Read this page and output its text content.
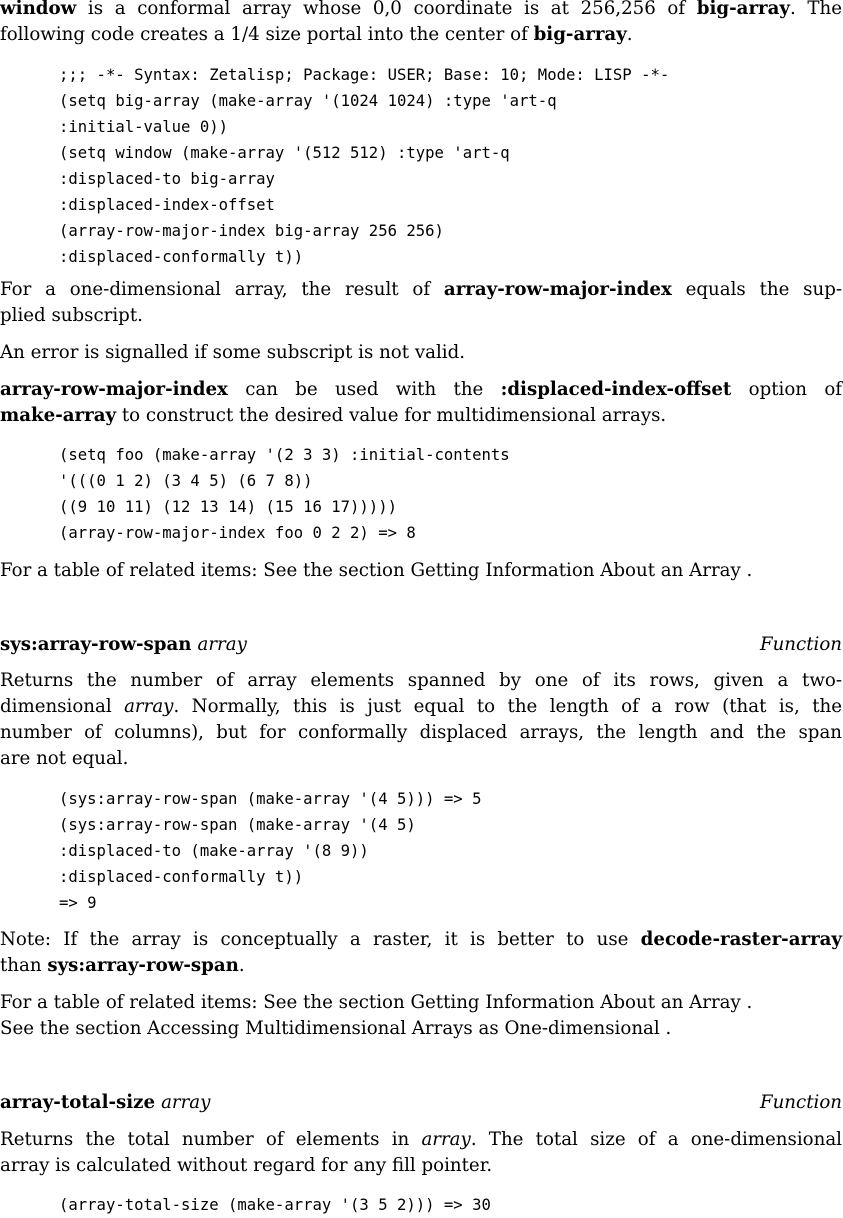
window is a conformal array whose 0,0 coordinate is at 256,256 of big-array. The
following code creates a 1/4 size portal into the center of big-array.

;;; -*- Syntax: Zetalisp; Package: USER; Base: 10; Mode: LISP -*-
(setq big-array (make-array '(1024 1024) :type 'art-q
:initial-value 0))
(setq window (make-array '(512 512) :type 'art-q
:displaced-to big-array
:displaced-index-offset
(array-row-major-index big-array 256 256)
:displaced-conformally t))

For a one-dimensional array, the result of array-row-major-index equals the sup-
plied subscript.

An error is signalled if some subscript is not valid.

array-row-major-index can be used with the :displaced-index-offset option of
make-array to construct the desired value for multidimensional arrays.

(setq foo (make-array '(2 3 3) :initial-contents
'(((0 1 2) (3 4 5) (6 7 8))
((9 10 11) (12 13 14) (15 16 17)))))
(array-row-major-index foo 0 2 2) => 8

For a table of related items: See the section Getting Information About an Array .

sys:array-row-span array	Function

Returns the number of array elements spanned by one of its rows, given a two-
dimensional array. Normally, this is just equal to the length of a row (that is, the
number of columns), but for conformally displaced arrays, the length and the span
are not equal.

(sys:array-row-span (make-array '(4 5))) => 5
(sys:array-row-span (make-array '(4 5)
:displaced-to (make-array '(8 9))
:displaced-conformally t))
=> 9

Note: If the array is conceptually a raster, it is better to use decode-raster-array
than sys:array-row-span.

For a table of related items: See the section Getting Information About an Array .
See the section Accessing Multidimensional Arrays as One-dimensional .

array-total-size array	Function

Returns the total number of elements in array. The total size of a one-dimensional
array is calculated without regard for any fill pointer.

(array-total-size (make-array '(3 5 2))) => 30
